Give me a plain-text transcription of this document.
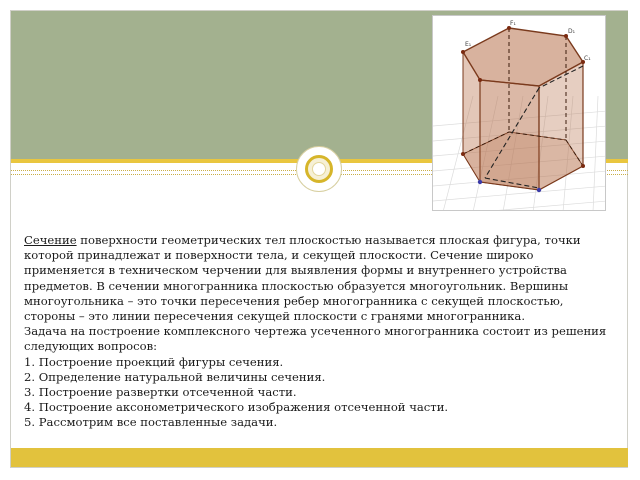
F₁
E₁
D₁
C₁

Сечение поверхности геометрических тел плоскостью называется плоская фигура, точки которой принадлежат и поверхности тела, и секущей плоскости. Сечение широко применяется в техническом черчении для выявления формы и внутреннего устройства предметов. В сечении многогранника плоскостью образуется многоугольник. Вершины многоугольника – это точки пересечения ребер многогранника с секущей плоскостью, стороны – это линии пересечения секущей плоскости с гранями многогранника.

Задача на построение комплексного чертежа усеченного многогранника состоит из решения следующих вопросов:

1. Построение проекций фигуры сечения.

2. Определение натуральной величины сечения.

3. Построение развертки отсеченной части.

4. Построение аксонометрического изображения отсеченной части.

5. Рассмотрим все поставленные задачи.
